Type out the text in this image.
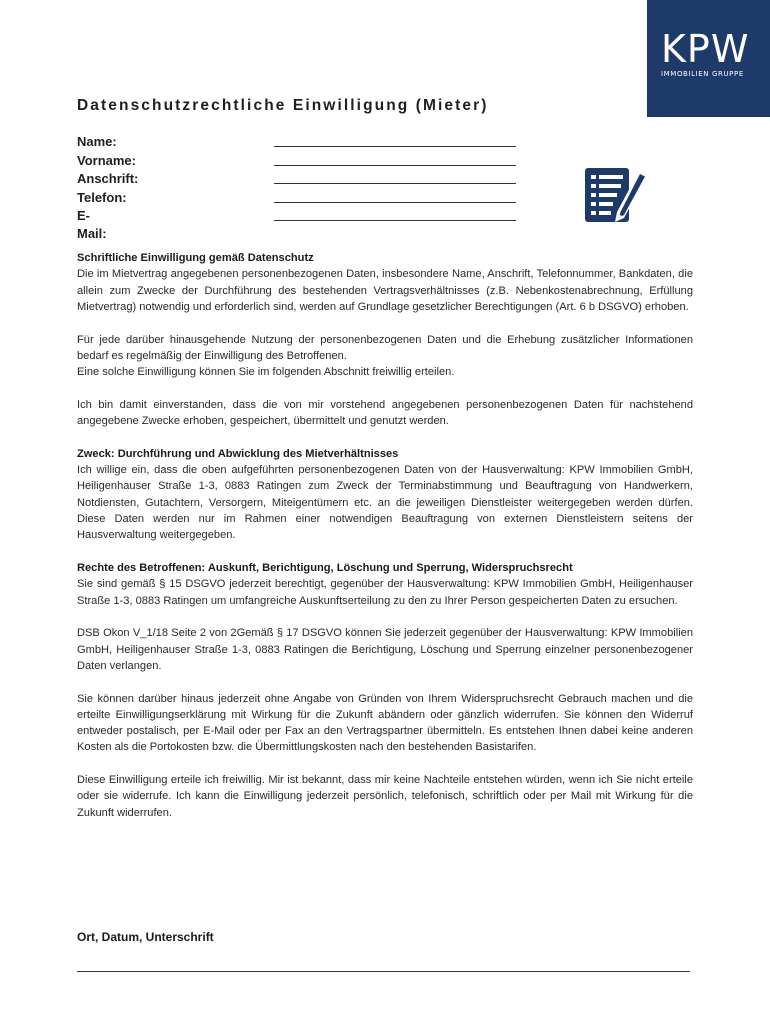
KPW
IMMOBILIEN GRUPPE
Datenschutzrechtliche Einwilligung (Mieter)
Name:
Vorname:
Anschrift:
Telefon:
E-Mail:

Schriftliche Einwilligung gemäß Datenschutz
Die im Mietvertrag angegebenen personenbezogenen Daten, insbesondere Name, Anschrift, Telefonnummer, Bankdaten, die allein zum Zwecke der Durchführung des bestehenden Vertragsverhältnisses (z.B. Nebenkostenabrechnung, Erfüllung Mietvertrag) notwendig und erforderlich sind, werden auf Grundlage gesetzlicher Berechtigungen (Art. 6 b DSGVO) erhoben.

Für jede darüber hinausgehende Nutzung der personenbezogenen Daten und die Erhebung zusätzlicher Informationen bedarf es regelmäßig der Einwilligung des Betroffenen.
Eine solche Einwilligung können Sie im folgenden Abschnitt freiwillig erteilen.

Ich bin damit einverstanden, dass die von mir vorstehend angegebenen personenbezogenen Daten für nachstehend angegebene Zwecke erhoben, gespeichert, übermittelt und genutzt werden.

Zweck: Durchführung und Abwicklung des Mietverhältnisses
Ich willige ein, dass die oben aufgeführten personenbezogenen Daten von der Hausverwaltung: KPW Immobilien GmbH, Heiligenhauser Straße 1-3, 0883 Ratingen zum Zweck der Terminabstimmung und Beauftragung von Handwerkern, Notdiensten, Gutachtern, Versorgern, Miteigentümern etc. an die jeweiligen Dienstleister weitergegeben werden dürfen. Diese Daten werden nur im Rahmen einer notwendigen Beauftragung von externen Dienstleistern seitens der Hausverwaltung weitergegeben.

Rechte des Betroffenen: Auskunft, Berichtigung, Löschung und Sperrung, Widerspruchsrecht
Sie sind gemäß § 15 DSGVO jederzeit berechtigt, gegenüber der Hausverwaltung: KPW Immobilien GmbH, Heiligenhauser Straße 1-3, 0883 Ratingen um umfangreiche Auskunftserteilung zu den zu Ihrer Person gespeicherten Daten zu ersuchen.

DSB Okon V_1/18 Seite 2 von 2Gemäß § 17 DSGVO können Sie jederzeit gegenüber der Hausverwaltung: KPW Immobilien GmbH, Heiligenhauser Straße 1-3, 0883 Ratingen die Berichtigung, Löschung und Sperrung einzelner personenbezogener Daten verlangen.

Sie können darüber hinaus jederzeit ohne Angabe von Gründen von Ihrem Widerspruchsrecht Gebrauch machen und die erteilte Einwilligungserklärung mit Wirkung für die Zukunft abändern oder gänzlich widerrufen. Sie können den Widerruf entweder postalisch, per E-Mail oder per Fax an den Vertragspartner übermitteln. Es entstehen Ihnen dabei keine anderen Kosten als die Portokosten bzw. die Übermittlungskosten nach den bestehenden Basistarifen.

Diese Einwilligung erteile ich freiwillig. Mir ist bekannt, dass mir keine Nachteile entstehen würden, wenn ich Sie nicht erteile oder sie widerrufe. Ich kann die Einwilligung jederzeit persönlich, telefonisch, schriftlich oder per Mail mit Wirkung für die Zukunft widerrufen.

Ort, Datum, Unterschrift
